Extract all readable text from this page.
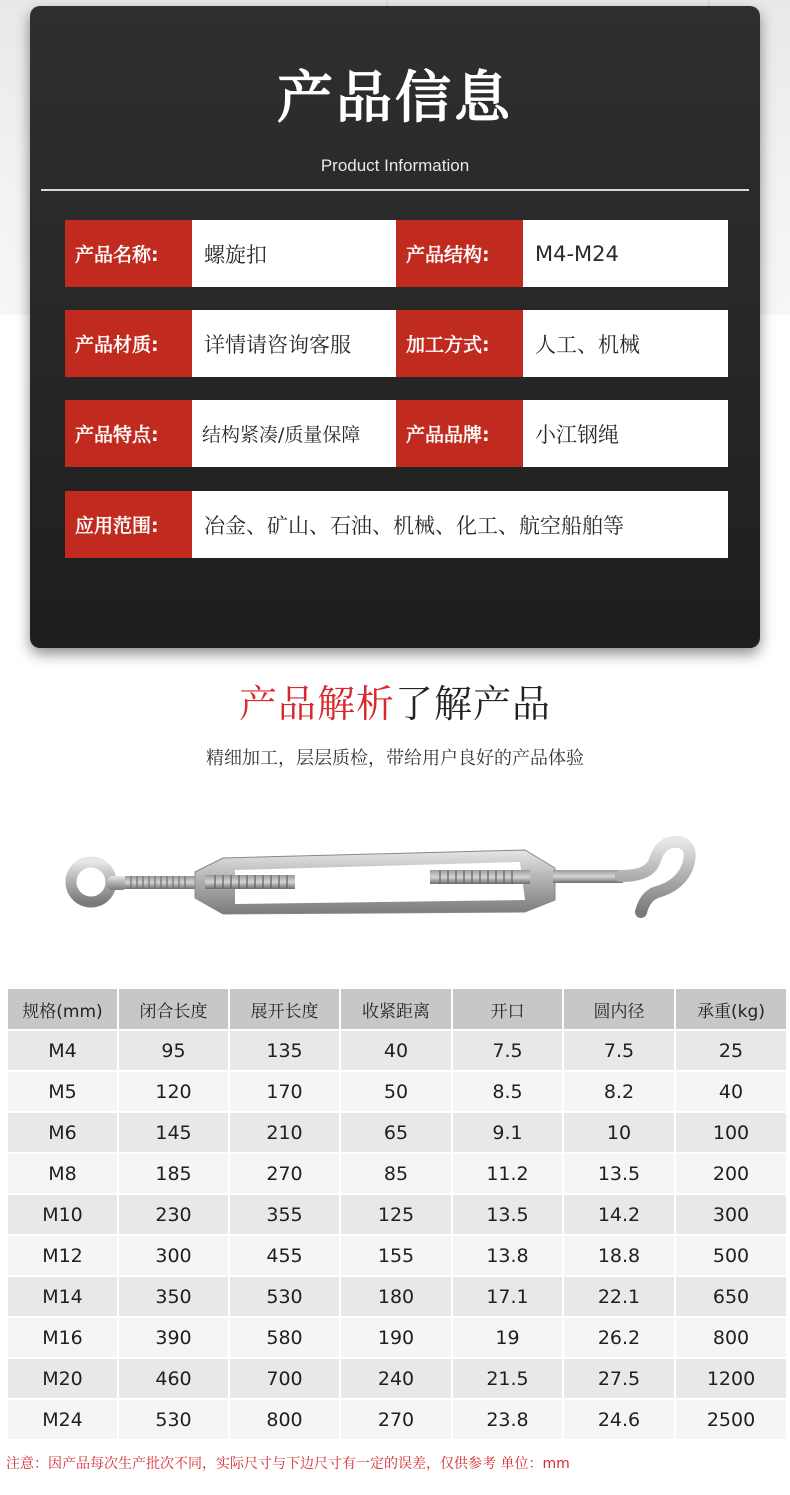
产品信息
Product Information
产品名称:	螺旋扣	产品结构:	M4-M24
产品材质:	详情请咨询客服	加工方式:	人工、机械
产品特点:	结构紧凑/质量保障	产品品牌:	小江钢绳
应用范围:	冶金、矿山、石油、机械、化工、航空船舶等
产品解析了解产品
精细加工，层层质检，带给用户良好的产品体验
规格(mm)	闭合长度	展开长度	收紧距离	开口	圆内径	承重(kg)
M4	95	135	40	7.5	7.5	25
M5	120	170	50	8.5	8.2	40
M6	145	210	65	9.1	10	100
M8	185	270	85	11.2	13.5	200
M10	230	355	125	13.5	14.2	300
M12	300	455	155	13.8	18.8	500
M14	350	530	180	17.1	22.1	650
M16	390	580	190	19	26.2	800
M20	460	700	240	21.5	27.5	1200
M24	530	800	270	23.8	24.6	2500
注意：因产品每次生产批次不同，实际尺寸与下边尺寸有一定的误差，仅供参考 单位：mm
